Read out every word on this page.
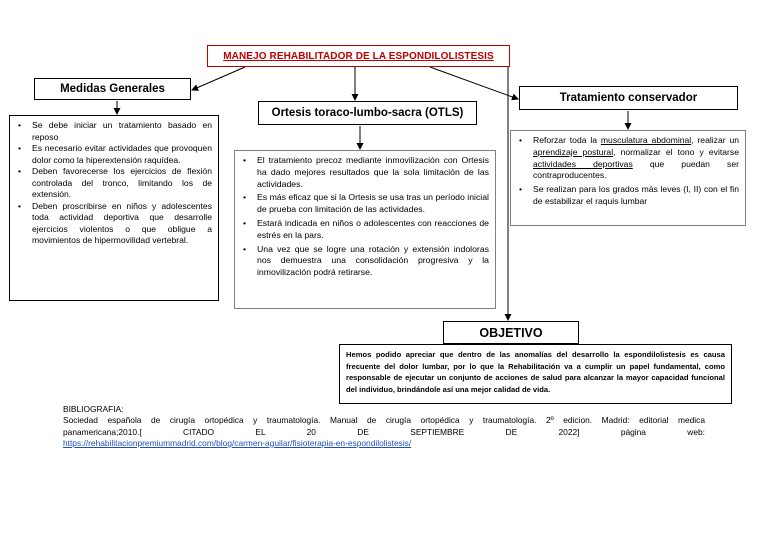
MANEJO REHABILITADOR DE LA ESPONDILOLISTESIS
Medidas Generales
Ortesis toraco-lumbo-sacra (OTLS)
Tratamiento conservador
• Se debe iniciar un tratamiento basado en reposo
• Es necesario evitar actividades que provoquen dolor como la hiperextensión raquídea.
• Deben favorecerse los ejercicios de flexión controlada del tronco, limitando los de extensión.
• Deben proscribirse en niños y adolescentes toda actividad deportiva que desarrolle ejercicios violentos o que obligue a movimientos de hipermovilidad vertebral.
• El tratamiento precoz mediante inmovilización con Ortesis ha dado mejores resultados que la sola limitación de las actividades.
• Es más eficaz que si la Ortesis se usa tras un período inicial de prueba con limitación de las actividades.
• Estará indicada en niños o adolescentes con reacciones de estrés en la pars.
• Una vez que se logre una rotación y extensión indoloras nos demuestra una consolidación progresiva y la inmovilización podrá retirarse.
• Reforzar toda la musculatura abdominal, realizar un aprendizaje postural, normalizar el tono y evitarse actividades deportivas que puedan ser contraproducentes.
• Se realizan para los grados más leves (I, II) con el fin de estabilizar el raquis lumbar
OBJETIVO
Hemos podido apreciar que dentro de las anomalías del desarrollo la espondilolistesis es causa frecuente del dolor lumbar, por lo que la Rehabilitación va a cumplir un papel fundamental, como responsable de ejecutar un conjunto de acciones de salud para alcanzar la mayor capacidad funcional del individuo, brindándole así una mejor calidad de vida.
BIBLIOGRAFIA:
Sociedad española de cirugía ortopédica y traumatología. Manual de cirugía ortopédica y traumatología. 2º edicion. Madrid: editorial medica
panamericana;2010.[ CITADO EL 20 DE SEPTIEMBRE DE 2022] página web:
https://rehabilitacionpremiummadrid.com/blog/carmen-aguilar/fisioterapia-en-espondilolistesis/
